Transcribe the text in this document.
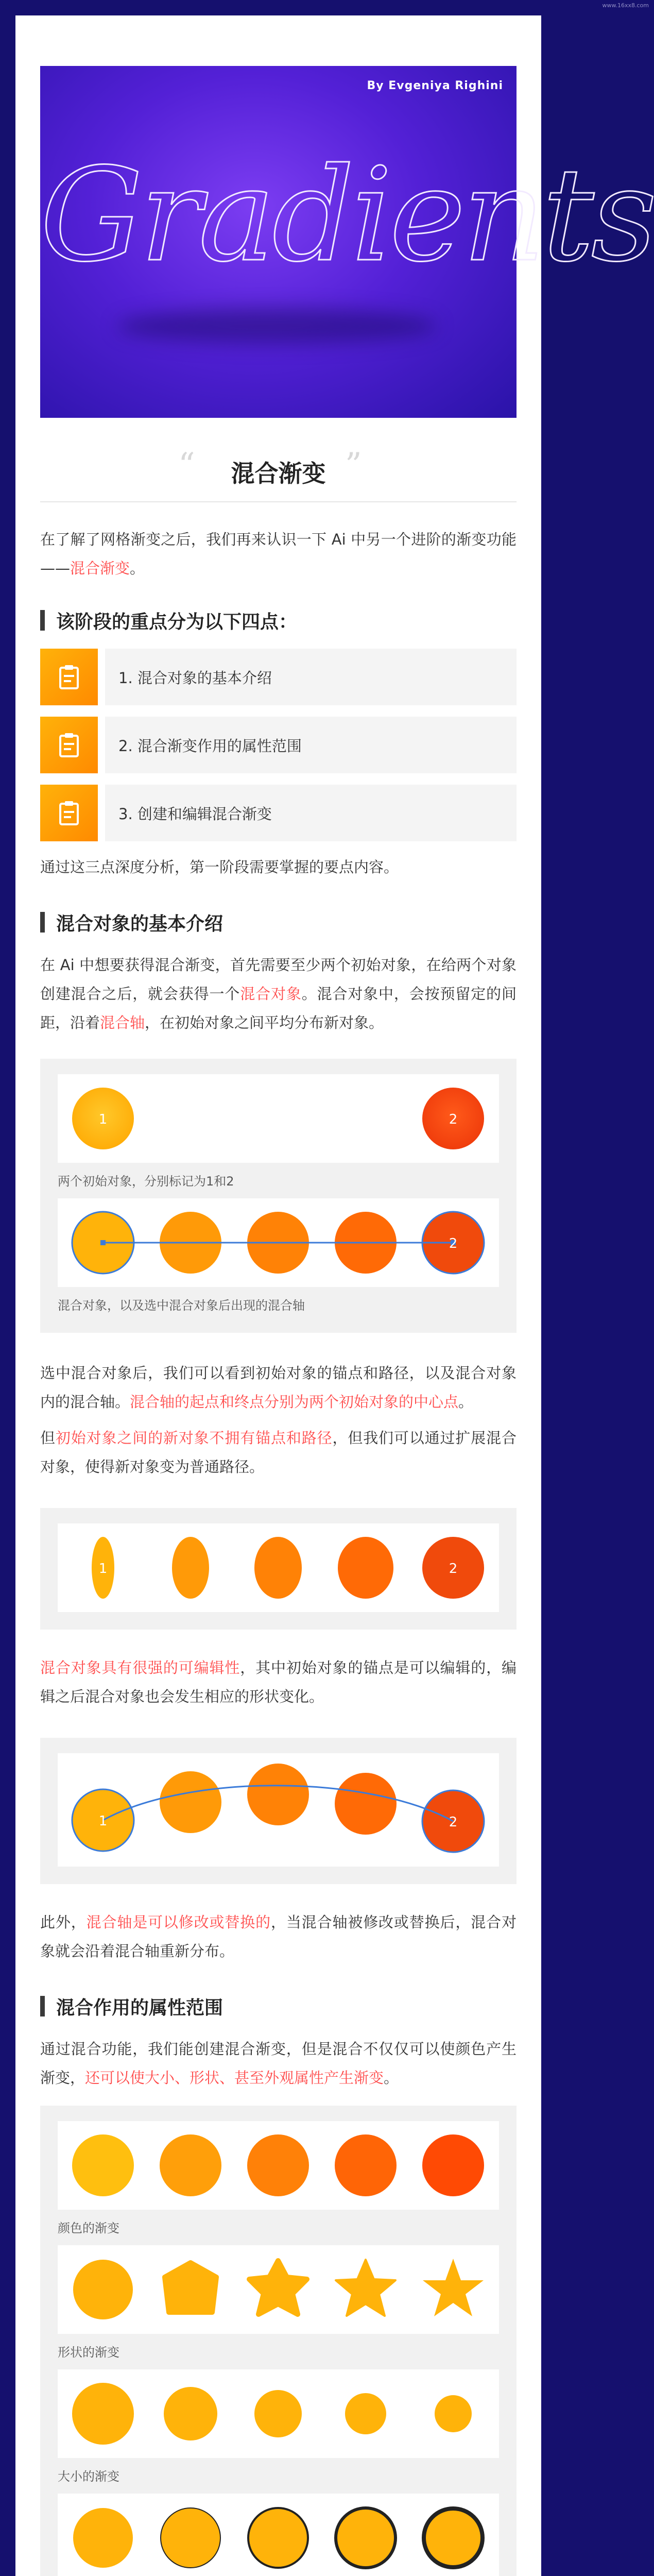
www.16xx8.com
By Evgeniya Righini
Gradients
“	混合渐变 ”

在了解了网格渐变之后，我们再来认识一下 Ai 中另一个进阶的渐变功能——混合渐变。

该阶段的重点分为以下四点：
1. 混合对象的基本介绍
2. 混合渐变作用的属性范围
3. 创建和编辑混合渐变

通过这三点深度分析，第一阶段需要掌握的要点内容。

混合对象的基本介绍

在 Ai 中想要获得混合渐变，首先需要至少两个初始对象，在给两个对象创建混合之后，就会获得一个混合对象。混合对象中，会按预留定的间距，沿着混合轴，在初始对象之间平均分布新对象。

1	2
两个初始对象，分别标记为1和2
2
混合对象，以及选中混合对象后出现的混合轴

选中混合对象后，我们可以看到初始对象的锚点和路径，以及混合对象内的混合轴。混合轴的起点和终点分别为两个初始对象的中心点。

但初始对象之间的新对象不拥有锚点和路径，但我们可以通过扩展混合对象，使得新对象变为普通路径。

1	2

混合对象具有很强的可编辑性，其中初始对象的锚点是可以编辑的，编辑之后混合对象也会发生相应的形状变化。

1	2

此外，混合轴是可以修改或替换的，当混合轴被修改或替换后，混合对象就会沿着混合轴重新分布。

混合作用的属性范围

通过混合功能，我们能创建混合渐变，但是混合不仅仅可以使颜色产生渐变，还可以使大小、形状、甚至外观属性产生渐变。

颜色的渐变
形状的渐变
大小的渐变
